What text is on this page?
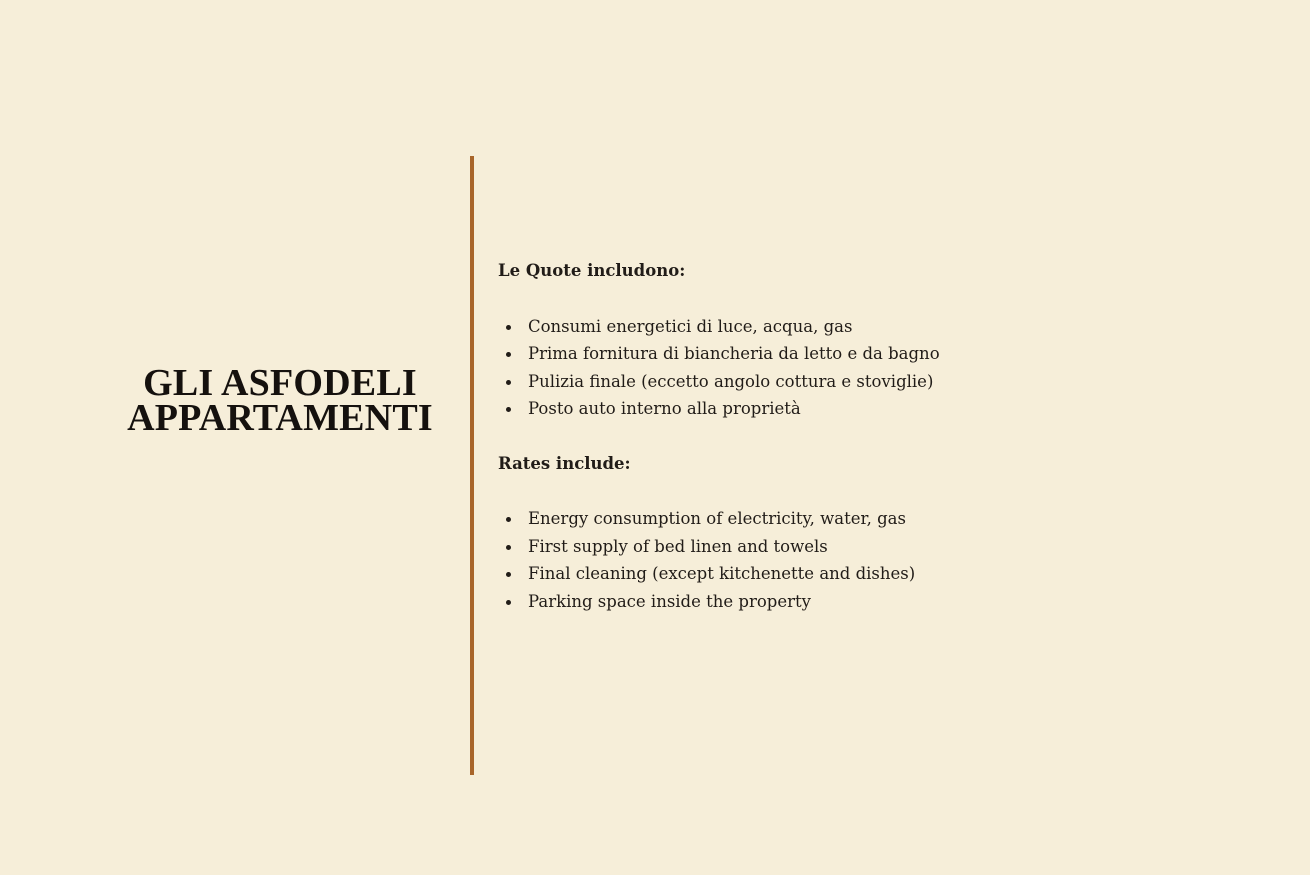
GLI ASFODELI
APPARTAMENTI
Le Quote includono:
Consumi energetici di luce, acqua, gas
Prima fornitura di biancheria da letto e da bagno
Pulizia finale (eccetto angolo cottura e stoviglie)
Posto auto interno alla proprietà
Rates include:
Energy consumption of electricity, water, gas
First supply of bed linen and towels
Final cleaning (except kitchenette and dishes)
Parking space inside the property
